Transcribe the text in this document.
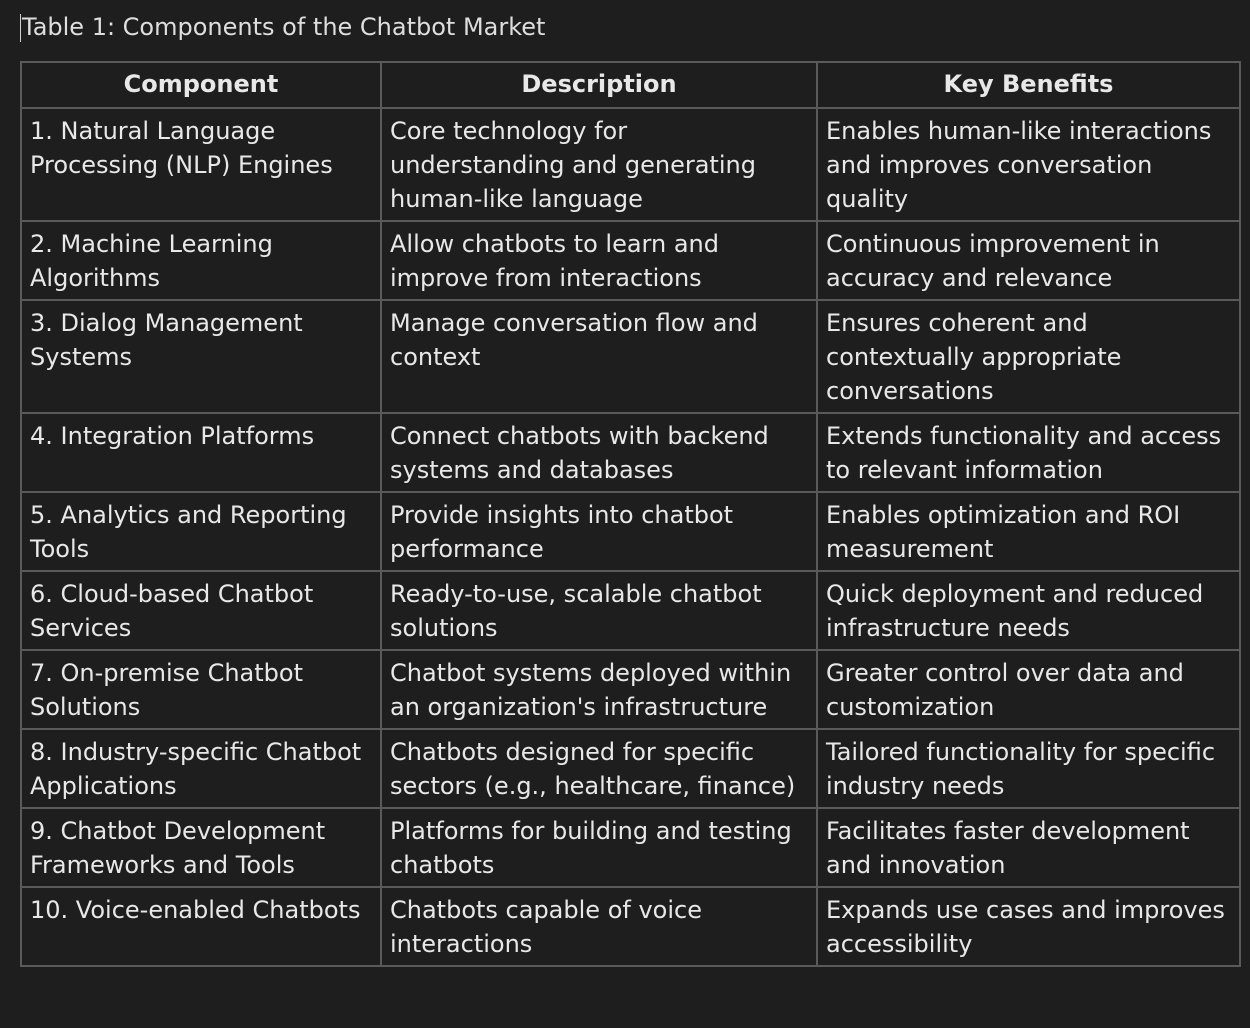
Table 1: Components of the Chatbot Market
Component	Description	Key Benefits
1. Natural Language Processing (NLP) Engines	Core technology for understanding and generating human-like language	Enables human-like interactions and improves conversation quality
2. Machine Learning Algorithms	Allow chatbots to learn and improve from interactions	Continuous improvement in accuracy and relevance
3. Dialog Management Systems	Manage conversation flow and context	Ensures coherent and contextually appropriate conversations
4. Integration Platforms	Connect chatbots with backend systems and databases	Extends functionality and access to relevant information
5. Analytics and Reporting Tools	Provide insights into chatbot performance	Enables optimization and ROI measurement
6. Cloud-based Chatbot Services	Ready-to-use, scalable chatbot solutions	Quick deployment and reduced infrastructure needs
7. On-premise Chatbot Solutions	Chatbot systems deployed within an organization's infrastructure	Greater control over data and customization
8. Industry-specific Chatbot Applications	Chatbots designed for specific sectors (e.g., healthcare, finance)	Tailored functionality for specific industry needs
9. Chatbot Development Frameworks and Tools	Platforms for building and testing chatbots	Facilitates faster development and innovation
10. Voice-enabled Chatbots	Chatbots capable of voice interactions	Expands use cases and improves accessibility
